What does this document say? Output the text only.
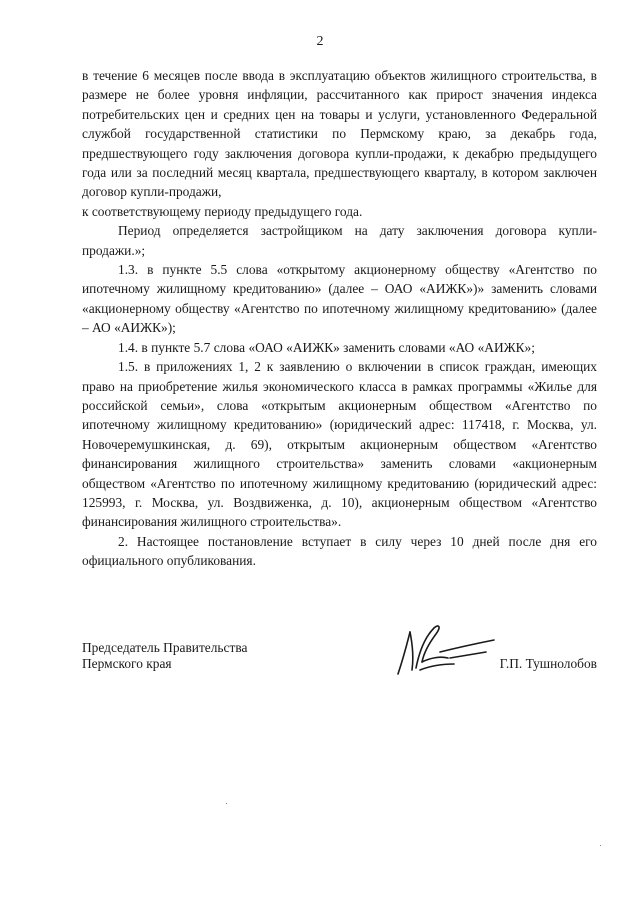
2

в течение 6 месяцев после ввода в эксплуатацию объектов жилищного строительства, в размере не более уровня инфляции, рассчитанного как прирост значения индекса потребительских цен и средних цен на товары и услуги, установленного Федеральной службой государственной статистики по Пермскому краю, за декабрь года, предшествующего году заключения договора купли-продажи, к декабрю предыдущего года или за последний месяц квартала, предшествующего кварталу, в котором заключен договор купли-продажи,

к соответствующему периоду предыдущего года.

Период определяется застройщиком на дату заключения договора купли-продажи.»;

1.3. в пункте 5.5 слова «открытому акционерному обществу «Агентство по ипотечному жилищному кредитованию» (далее – ОАО «АИЖК»)» заменить словами «акционерному обществу «Агентство по ипотечному жилищному кредитованию» (далее – АО «АИЖК»);

1.4. в пункте 5.7 слова «ОАО «АИЖК» заменить словами «АО «АИЖК»;

1.5. в приложениях 1, 2 к заявлению о включении в список граждан, имеющих право на приобретение жилья экономического класса в рамках программы «Жилье для российской семьи», слова «открытым акционерным обществом «Агентство по ипотечному жилищному кредитованию» (юридический адрес: 117418, г. Москва, ул. Новочеремушкинская, д. 69), открытым акционерным обществом «Агентство финансирования жилищного строительства» заменить словами «акционерным обществом «Агентство по ипотечному жилищному кредитованию (юридический адрес: 125993, г. Москва, ул. Воздвиженка, д. 10), акционерным обществом «Агентство финансирования жилищного строительства».

2. Настоящее постановление вступает в силу через 10 дней после дня его официального опубликования.

Председатель Правительства
Пермского края	Г.П. Тушнолобов
